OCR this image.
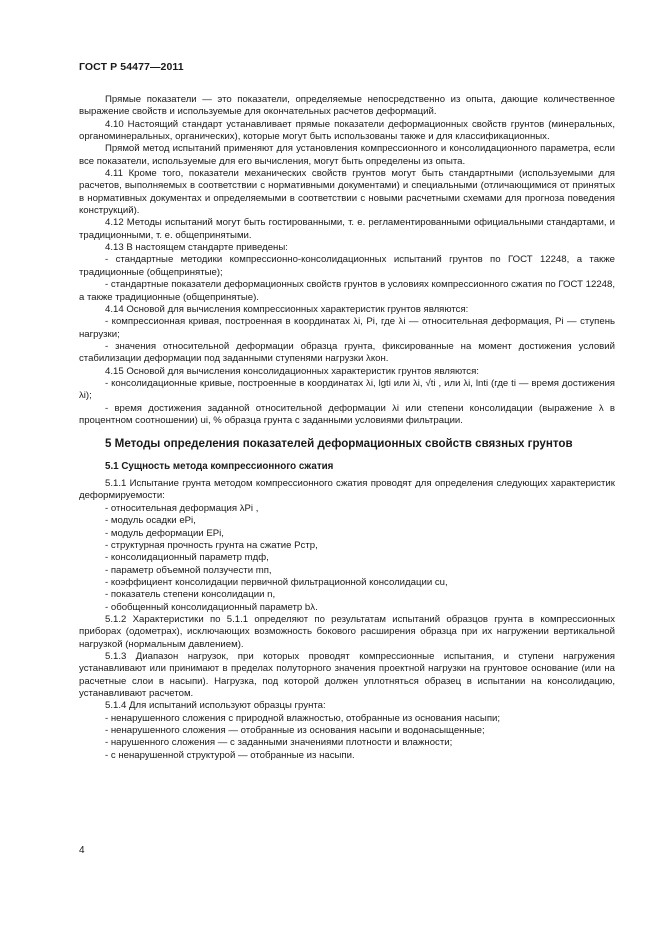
ГОСТ Р 54477—2011

Прямые показатели — это показатели, определяемые непосредственно из опыта, дающие количественное выражение свойств и используемые для окончательных расчетов деформаций.

4.10 Настоящий стандарт устанавливает прямые показатели деформационных свойств грунтов (минеральных, органоминеральных, органических), которые могут быть использованы также и для классификационных.

Прямой метод испытаний применяют для установления компрессионного и консолидационного параметра, если все показатели, используемые для его вычисления, могут быть определены из опыта.

4.11 Кроме того, показатели механических свойств грунтов могут быть стандартными (используемыми для расчетов, выполняемых в соответствии с нормативными документами) и специальными (отличающимися от принятых в нормативных документах и определяемыми в соответствии с новыми расчетными схемами для прогноза поведения конструкций).

4.12 Методы испытаний могут быть гостированными, т. е. регламентированными официальными стандартами, и традиционными, т. е. общепринятыми.

4.13 В настоящем стандарте приведены:

- стандартные методики компрессионно-консолидационных испытаний грунтов по ГОСТ 12248, а также традиционные (общепринятые);

- стандартные показатели деформационных свойств грунтов в условиях компрессионного сжатия по ГОСТ 12248, а также традиционные (общепринятые).

4.14 Основой для вычисления компрессионных характеристик грунтов являются:

- компрессионная кривая, построенная в координатах λi, Pi, где λi — относительная деформация, Pi — ступень нагрузки;

- значения относительной деформации образца грунта, фиксированные на момент достижения условий стабилизации деформации под заданными ступенями нагрузки λкон.

4.15 Основой для вычисления консолидационных характеристик грунтов являются:

- консолидационные кривые, построенные в координатах λi, lgti или λi, √ti , или λi, lnti (где ti — время достижения λi);

- время достижения заданной относительной деформации λi или степени консолидации (выражение λ в процентном соотношении) ui, % образца грунта с заданными условиями фильтрации.

5 Методы определения показателей деформационных свойств связных грунтов

5.1 Сущность метода компрессионного сжатия

5.1.1 Испытание грунта методом компрессионного сжатия проводят для определения следующих характеристик деформируемости:

- относительная деформация λPi ,

- модуль осадки ePi,

- модуль деформации EPi,

- структурная прочность грунта на сжатие Pстр,

- консолидационный параметр mдф,

- параметр объемной ползучести mп,

- коэффициент консолидации первичной фильтрационной консолидации cu,

- показатель степени консолидации n,

- обобщенный консолидационный параметр bλ.

5.1.2 Характеристики по 5.1.1 определяют по результатам испытаний образцов грунта в компрессионных приборах (одометрах), исключающих возможность бокового расширения образца при их нагружении вертикальной нагрузкой (нормальным давлением).

5.1.3 Диапазон нагрузок, при которых проводят компрессионные испытания, и ступени нагружения устанавливают или принимают в пределах полуторного значения проектной нагрузки на грунтовое основание (или на расчетные слои в насыпи). Нагрузка, под которой должен уплотняться образец в испытании на консолидацию, устанавливают расчетом.

5.1.4 Для испытаний используют образцы грунта:

- ненарушенного сложения с природной влажностью, отобранные из основания насыпи;

- ненарушенного сложения — отобранные из основания насыпи и водонасыщенные;

- нарушенного сложения — с заданными значениями плотности и влажности;

- с ненарушенной структурой — отобранные из насыпи.

4
